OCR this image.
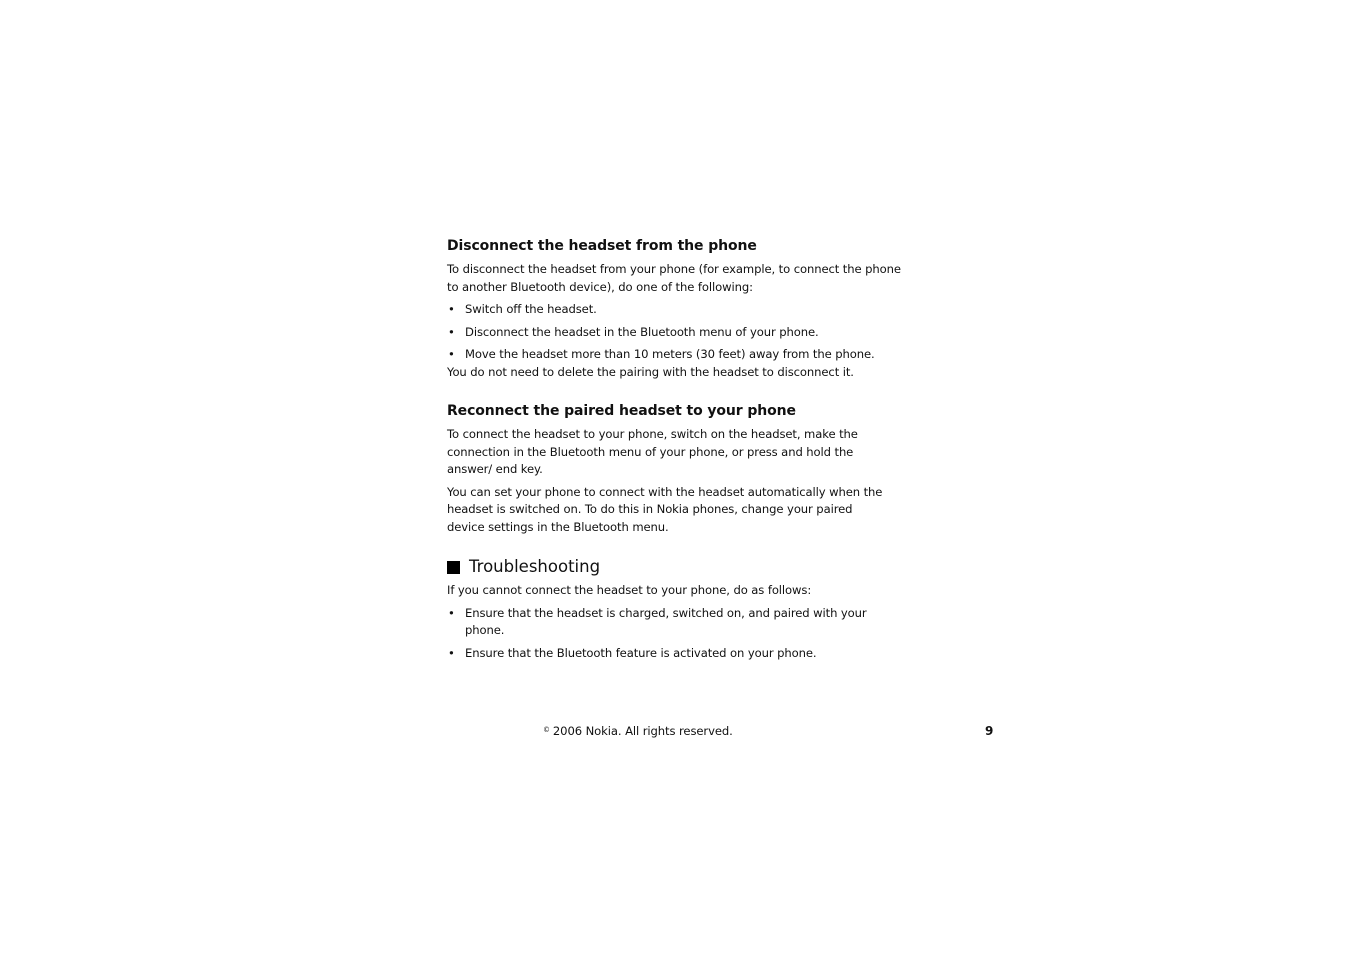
Disconnect the headset from the phone

To disconnect the headset from your phone (for example, to connect the phone to another Bluetooth device), do one of the following:

• Switch off the headset.
• Disconnect the headset in the Bluetooth menu of your phone.
• Move the headset more than 10 meters (30 feet) away from the phone.

You do not need to delete the pairing with the headset to disconnect it.

Reconnect the paired headset to your phone

To connect the headset to your phone, switch on the headset, make the connection in the Bluetooth menu of your phone, or press and hold the answer/ end key.

You can set your phone to connect with the headset automatically when the headset is switched on. To do this in Nokia phones, change your paired device settings in the Bluetooth menu.

Troubleshooting

If you cannot connect the headset to your phone, do as follows:

• Ensure that the headset is charged, switched on, and paired with your phone.
• Ensure that the Bluetooth feature is activated on your phone.
© 2006 Nokia. All rights reserved.	9
